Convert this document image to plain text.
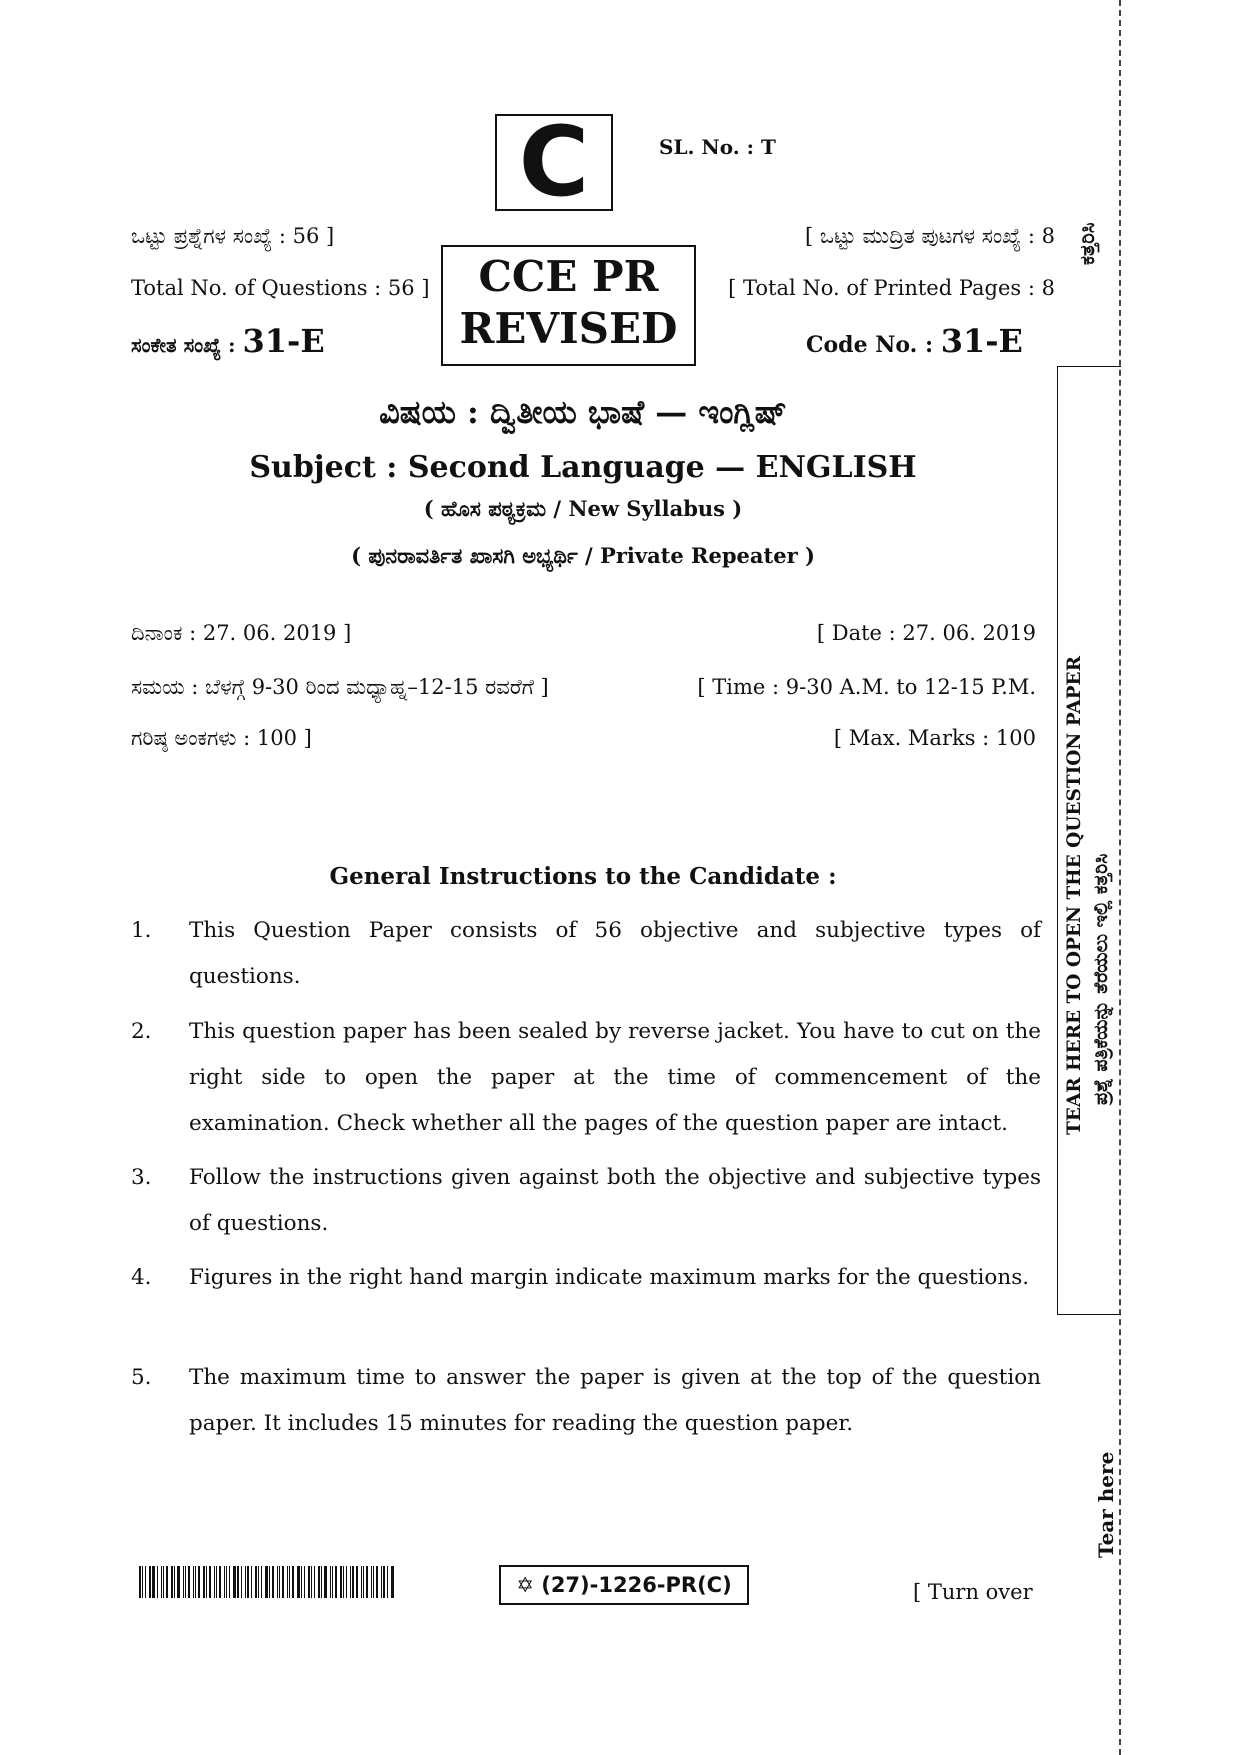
C	SL. No. : T
ಒಟ್ಟು ಪ್ರಶ್ನೆಗಳ ಸಂಖ್ಯೆ : 56 ]	[ ಒಟ್ಟು ಮುದ್ರಿತ ಪುಟಗಳ ಸಂಖ್ಯೆ : 8
CCE PR
REVISED
Total No. of Questions : 56 ]	[ Total No. of Printed Pages : 8
ಸಂಕೇತ ಸಂಖ್ಯೆ : 31-E	Code No. : 31-E
ವಿಷಯ : ದ್ವಿತೀಯ ಭಾಷೆ — ಇಂಗ್ಲಿಷ್
Subject : Second Language — ENGLISH
( ಹೊಸ ಪಠ್ಯಕ್ರಮ / New Syllabus )
( ಪುನರಾವರ್ತಿತ ಖಾಸಗಿ ಅಭ್ಯರ್ಥಿ / Private Repeater )
ದಿನಾಂಕ : 27. 06. 2019 ]	[ Date : 27. 06. 2019
ಸಮಯ : ಬೆಳಗ್ಗೆ 9-30 ರಿಂದ ಮಧ್ಯಾಹ್ನ–12-15 ರವರೆಗೆ ]	[ Time : 9-30 A.M. to 12-15 P.M.
ಗರಿಷ್ಠ ಅಂಕಗಳು : 100 ]	[ Max. Marks : 100
General Instructions to the Candidate :
1. This Question Paper consists of 56 objective and subjective types of questions.
2. This question paper has been sealed by reverse jacket. You have to cut on the right side to open the paper at the time of commencement of the examination. Check whether all the pages of the question paper are intact.
3. Follow the instructions given against both the objective and subjective types of questions.
4. Figures in the right hand margin indicate maximum marks for the questions.
5. The maximum time to answer the paper is given at the top of the question paper. It includes 15 minutes for reading the question paper.
ಕತ್ತರಿಸಿ
TEAR HERE TO OPEN THE QUESTION PAPER ಪ್ರಶ್ನೆ ಪತ್ರಿಕೆಯನ್ನು ತೆರೆಯಲು ಇಲ್ಲಿ ಕತ್ತರಿಸಿ
Tear here
✡ (27)-1226-PR(C)	[ Turn over
